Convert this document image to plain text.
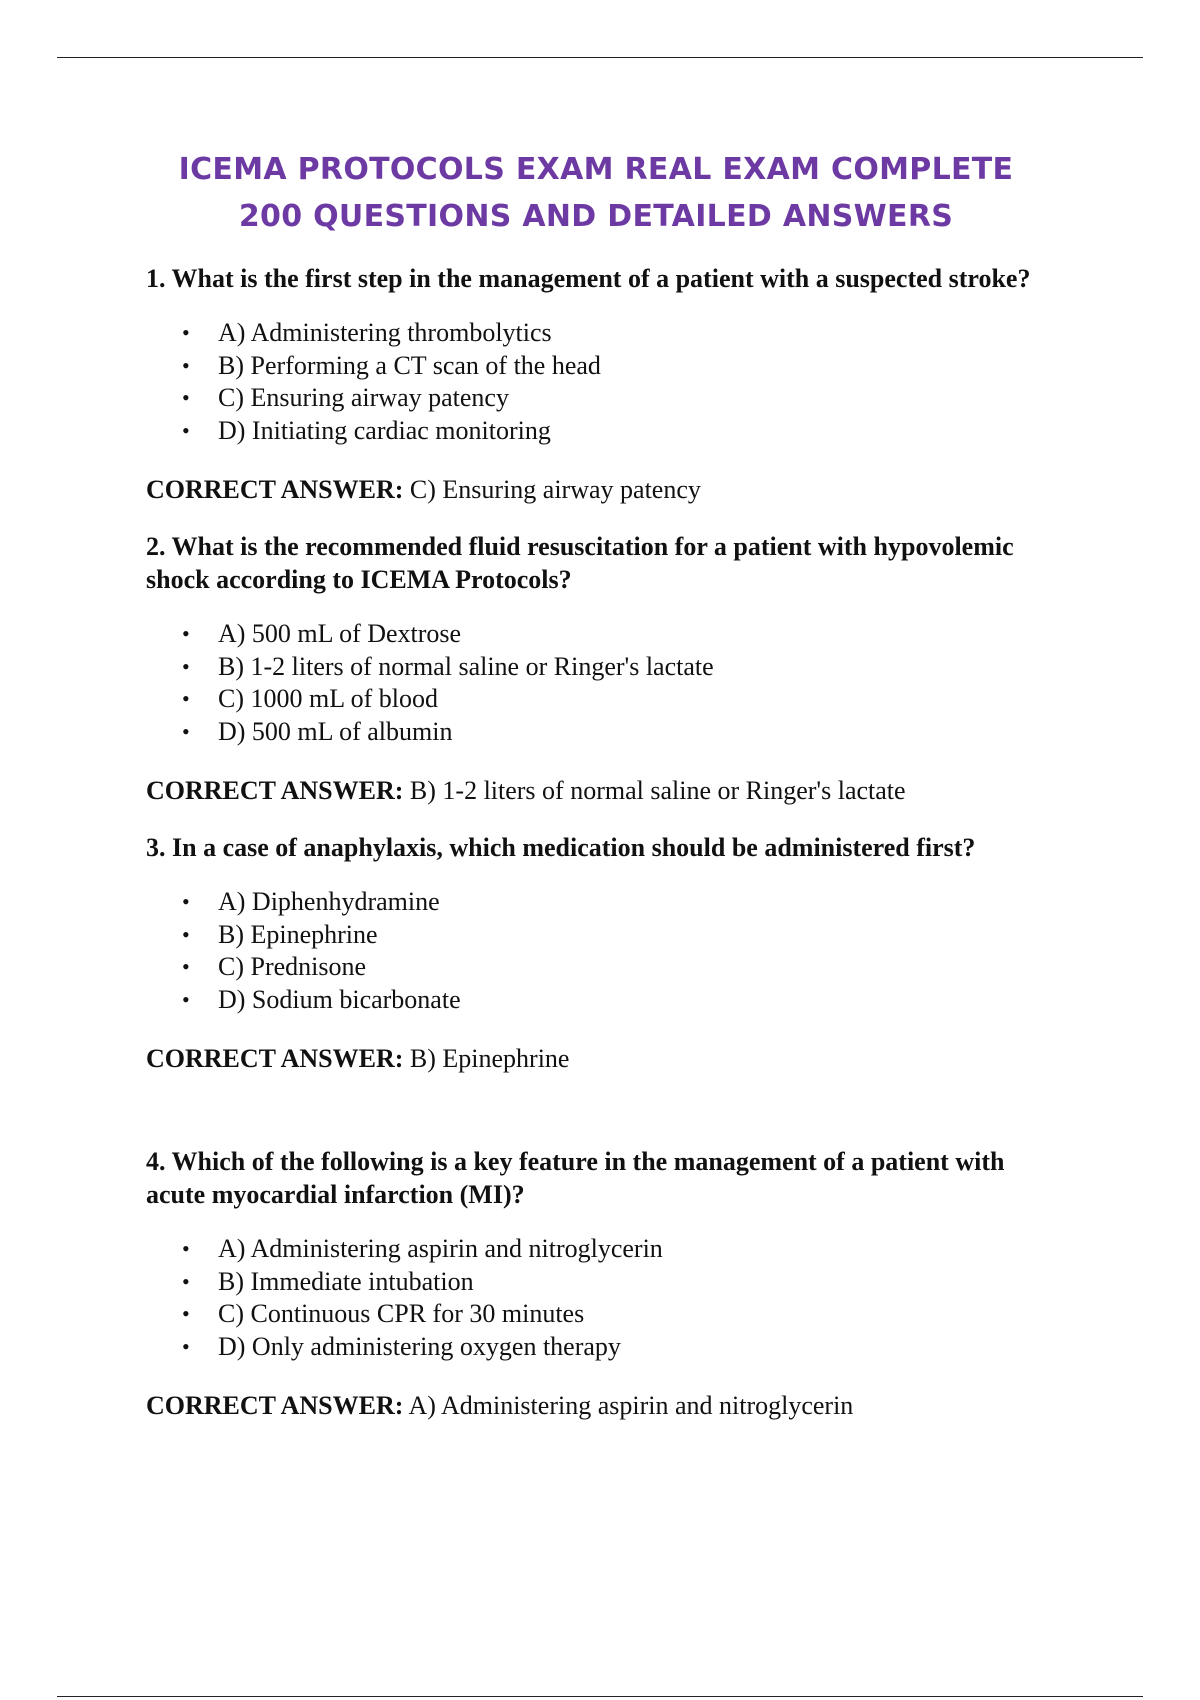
ICEMA PROTOCOLS EXAM REAL EXAM COMPLETE
200 QUESTIONS AND DETAILED ANSWERS

1. What is the first step in the management of a patient with a suspected stroke?

• A) Administering thrombolytics
• B) Performing a CT scan of the head
• C) Ensuring airway patency
• D) Initiating cardiac monitoring

CORRECT ANSWER: C) Ensuring airway patency

2. What is the recommended fluid resuscitation for a patient with hypovolemic shock according to ICEMA Protocols?

• A) 500 mL of Dextrose
• B) 1-2 liters of normal saline or Ringer's lactate
• C) 1000 mL of blood
• D) 500 mL of albumin

CORRECT ANSWER: B) 1-2 liters of normal saline or Ringer's lactate

3. In a case of anaphylaxis, which medication should be administered first?

• A) Diphenhydramine
• B) Epinephrine
• C) Prednisone
• D) Sodium bicarbonate

CORRECT ANSWER: B) Epinephrine

4. Which of the following is a key feature in the management of a patient with acute myocardial infarction (MI)?

• A) Administering aspirin and nitroglycerin
• B) Immediate intubation
• C) Continuous CPR for 30 minutes
• D) Only administering oxygen therapy

CORRECT ANSWER: A) Administering aspirin and nitroglycerin
